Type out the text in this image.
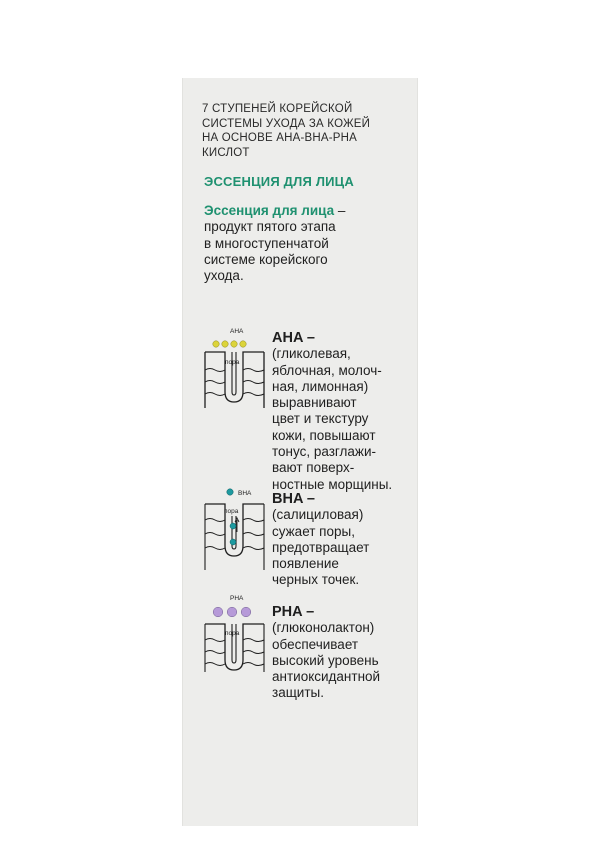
7 СТУПЕНЕЙ КОРЕЙСКОЙ
СИСТЕМЫ УХОДА ЗА КОЖЕЙ
НА ОСНОВЕ AHA-BHA-PHA
КИСЛОТ
ЭССЕНЦИЯ ДЛЯ ЛИЦА
Эссенция для лица –
продукт пятого этапа
в многоступенчатой
системе корейского
ухода.
AHA
пора
AHA –
(гликолевая,
яблочная, молоч-
ная, лимонная)
выравнивают
цвет и текстуру
кожи, повышают
тонус, разглажи-
вают поверх-
ностные морщины.
BHA
пора
BHA –
(салициловая)
сужает поры,
предотвращает
появление
черных точек.
PHA
пора
PHA –
(глюконолактон)
обеспечивает
высокий уровень
антиоксидантной
защиты.
